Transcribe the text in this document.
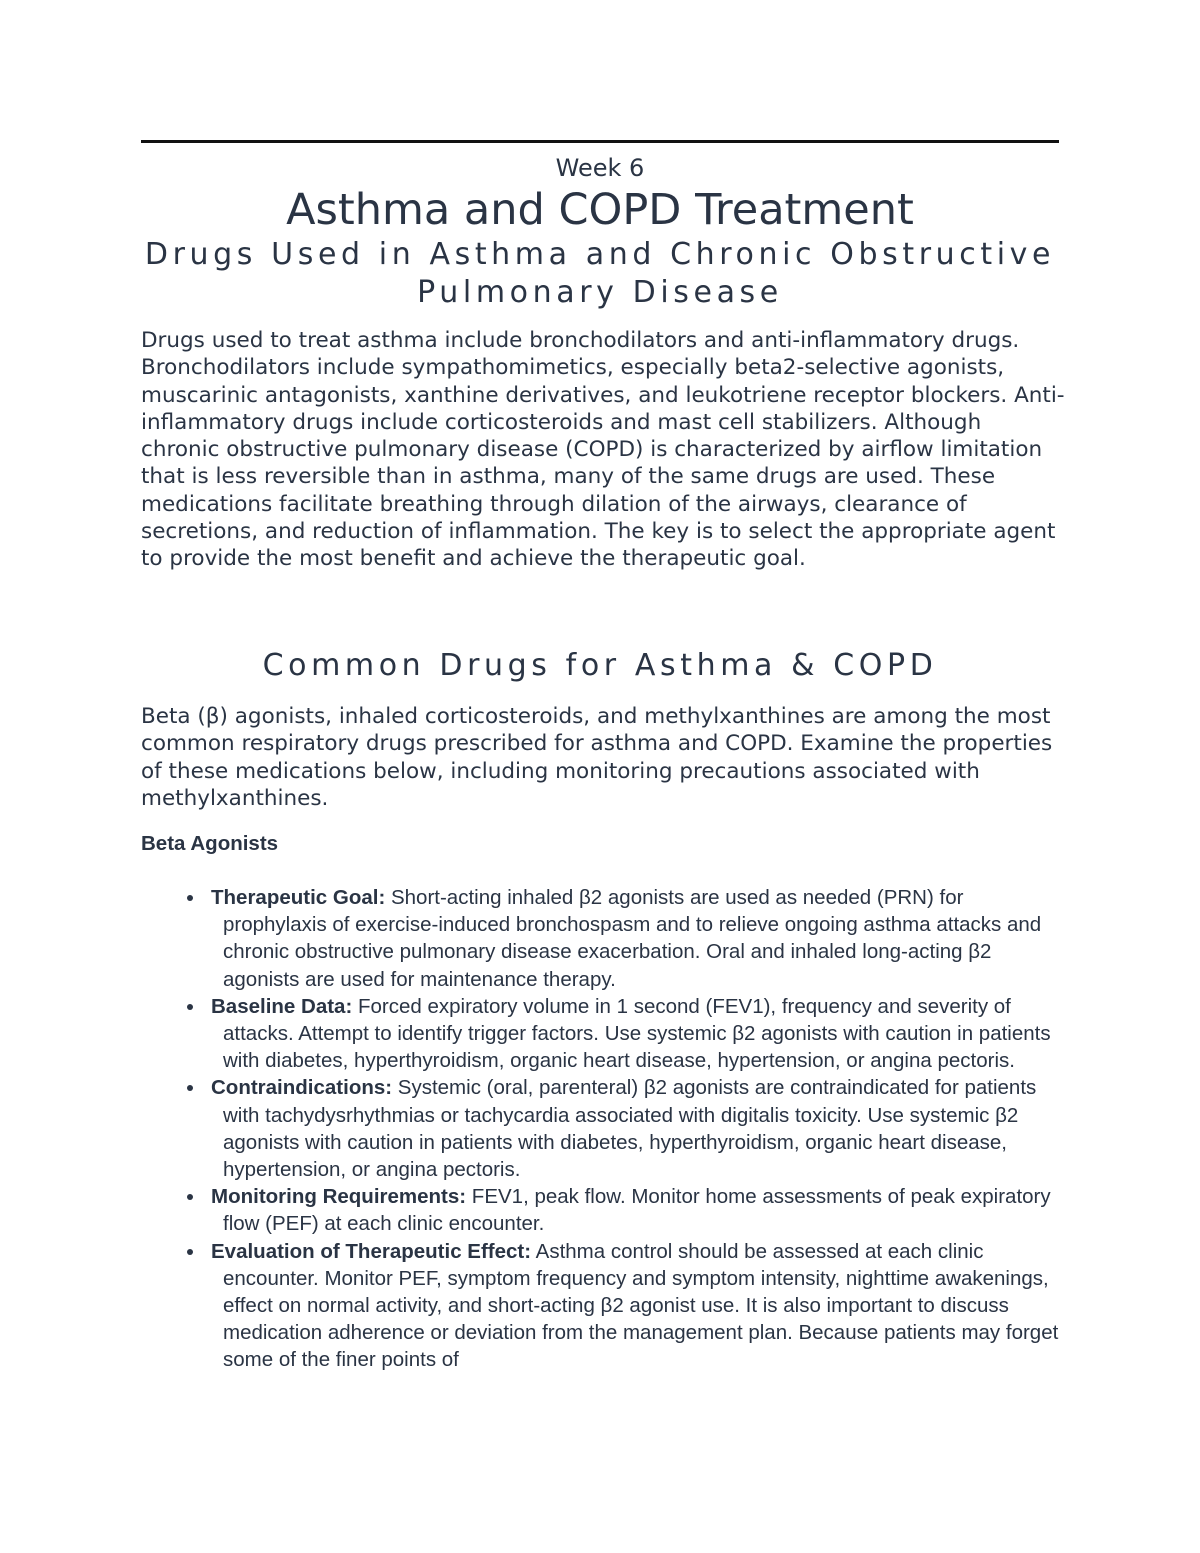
Week 6
Asthma and COPD Treatment
Drugs Used in Asthma and Chronic Obstructive Pulmonary Disease

Drugs used to treat asthma include bronchodilators and anti-inflammatory drugs. Bronchodilators include sympathomimetics, especially beta2-selective agonists, muscarinic antagonists, xanthine derivatives, and leukotriene receptor blockers. Anti-inflammatory drugs include corticosteroids and mast cell stabilizers. Although chronic obstructive pulmonary disease (COPD) is characterized by airflow limitation that is less reversible than in asthma, many of the same drugs are used. These medications facilitate breathing through dilation of the airways, clearance of secretions, and reduction of inflammation. The key is to select the appropriate agent to provide the most benefit and achieve the therapeutic goal.

Common Drugs for Asthma & COPD

Beta (β) agonists, inhaled corticosteroids, and methylxanthines are among the most common respiratory drugs prescribed for asthma and COPD. Examine the properties of these medications below, including monitoring precautions associated with methylxanthines.

Beta Agonists
Therapeutic Goal: Short-acting inhaled β2 agonists are used as needed (PRN) for prophylaxis of exercise-induced bronchospasm and to relieve ongoing asthma attacks and chronic obstructive pulmonary disease exacerbation. Oral and inhaled long-acting β2 agonists are used for maintenance therapy.
Baseline Data: Forced expiratory volume in 1 second (FEV1), frequency and severity of attacks. Attempt to identify trigger factors. Use systemic β2 agonists with caution in patients with diabetes, hyperthyroidism, organic heart disease, hypertension, or angina pectoris.
Contraindications: Systemic (oral, parenteral) β2 agonists are contraindicated for patients with tachydysrhythmias or tachycardia associated with digitalis toxicity. Use systemic β2 agonists with caution in patients with diabetes, hyperthyroidism, organic heart disease, hypertension, or angina pectoris.
Monitoring Requirements: FEV1, peak flow. Monitor home assessments of peak expiratory flow (PEF) at each clinic encounter.
Evaluation of Therapeutic Effect: Asthma control should be assessed at each clinic encounter. Monitor PEF, symptom frequency and symptom intensity, nighttime awakenings, effect on normal activity, and short-acting β2 agonist use. It is also important to discuss medication adherence or deviation from the management plan. Because patients may forget some of the finer points of
